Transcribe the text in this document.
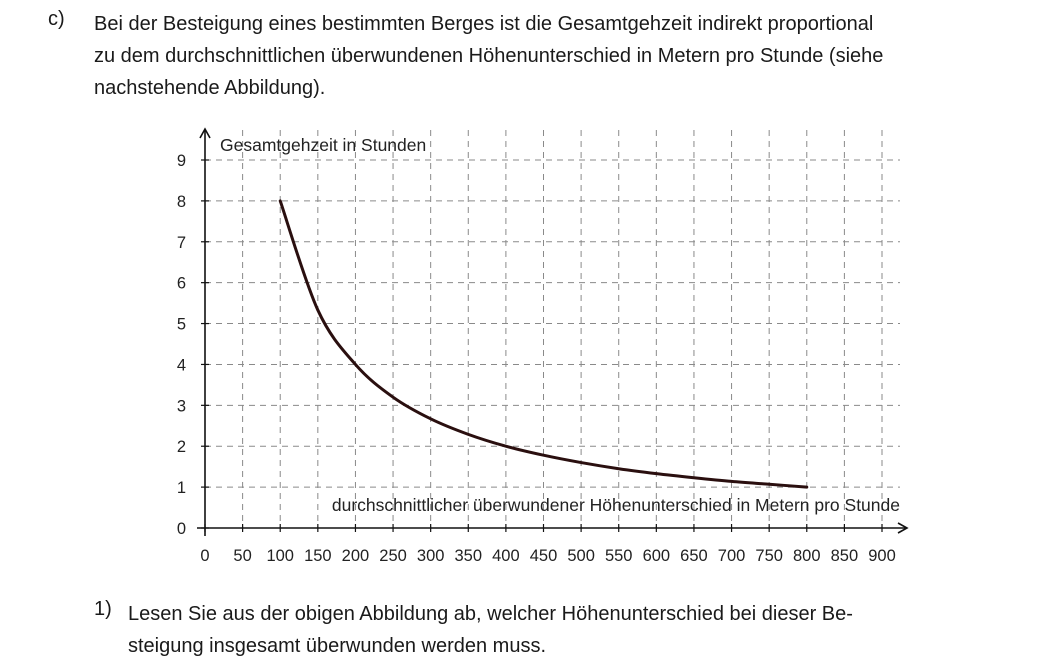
c) Bei der Besteigung eines bestimmten Berges ist die Gesamtgehzeit indirekt proportional
zu dem durchschnittlichen überwundenen Höhenunterschied in Metern pro Stunde (siehe
nachstehende Abbildung).
0 50 100 150 200 250 300 350 400 450 500 550 600 650 700 750 800 850 900
0
1
2
3
4
5
6
7
8
9
Gesamtgehzeit in Stunden
durchschnittlicher überwundener Höhenunterschied in Metern pro Stunde
1) Lesen Sie aus der obigen Abbildung ab, welcher Höhenunterschied bei dieser Be-
steigung insgesamt überwunden werden muss.
